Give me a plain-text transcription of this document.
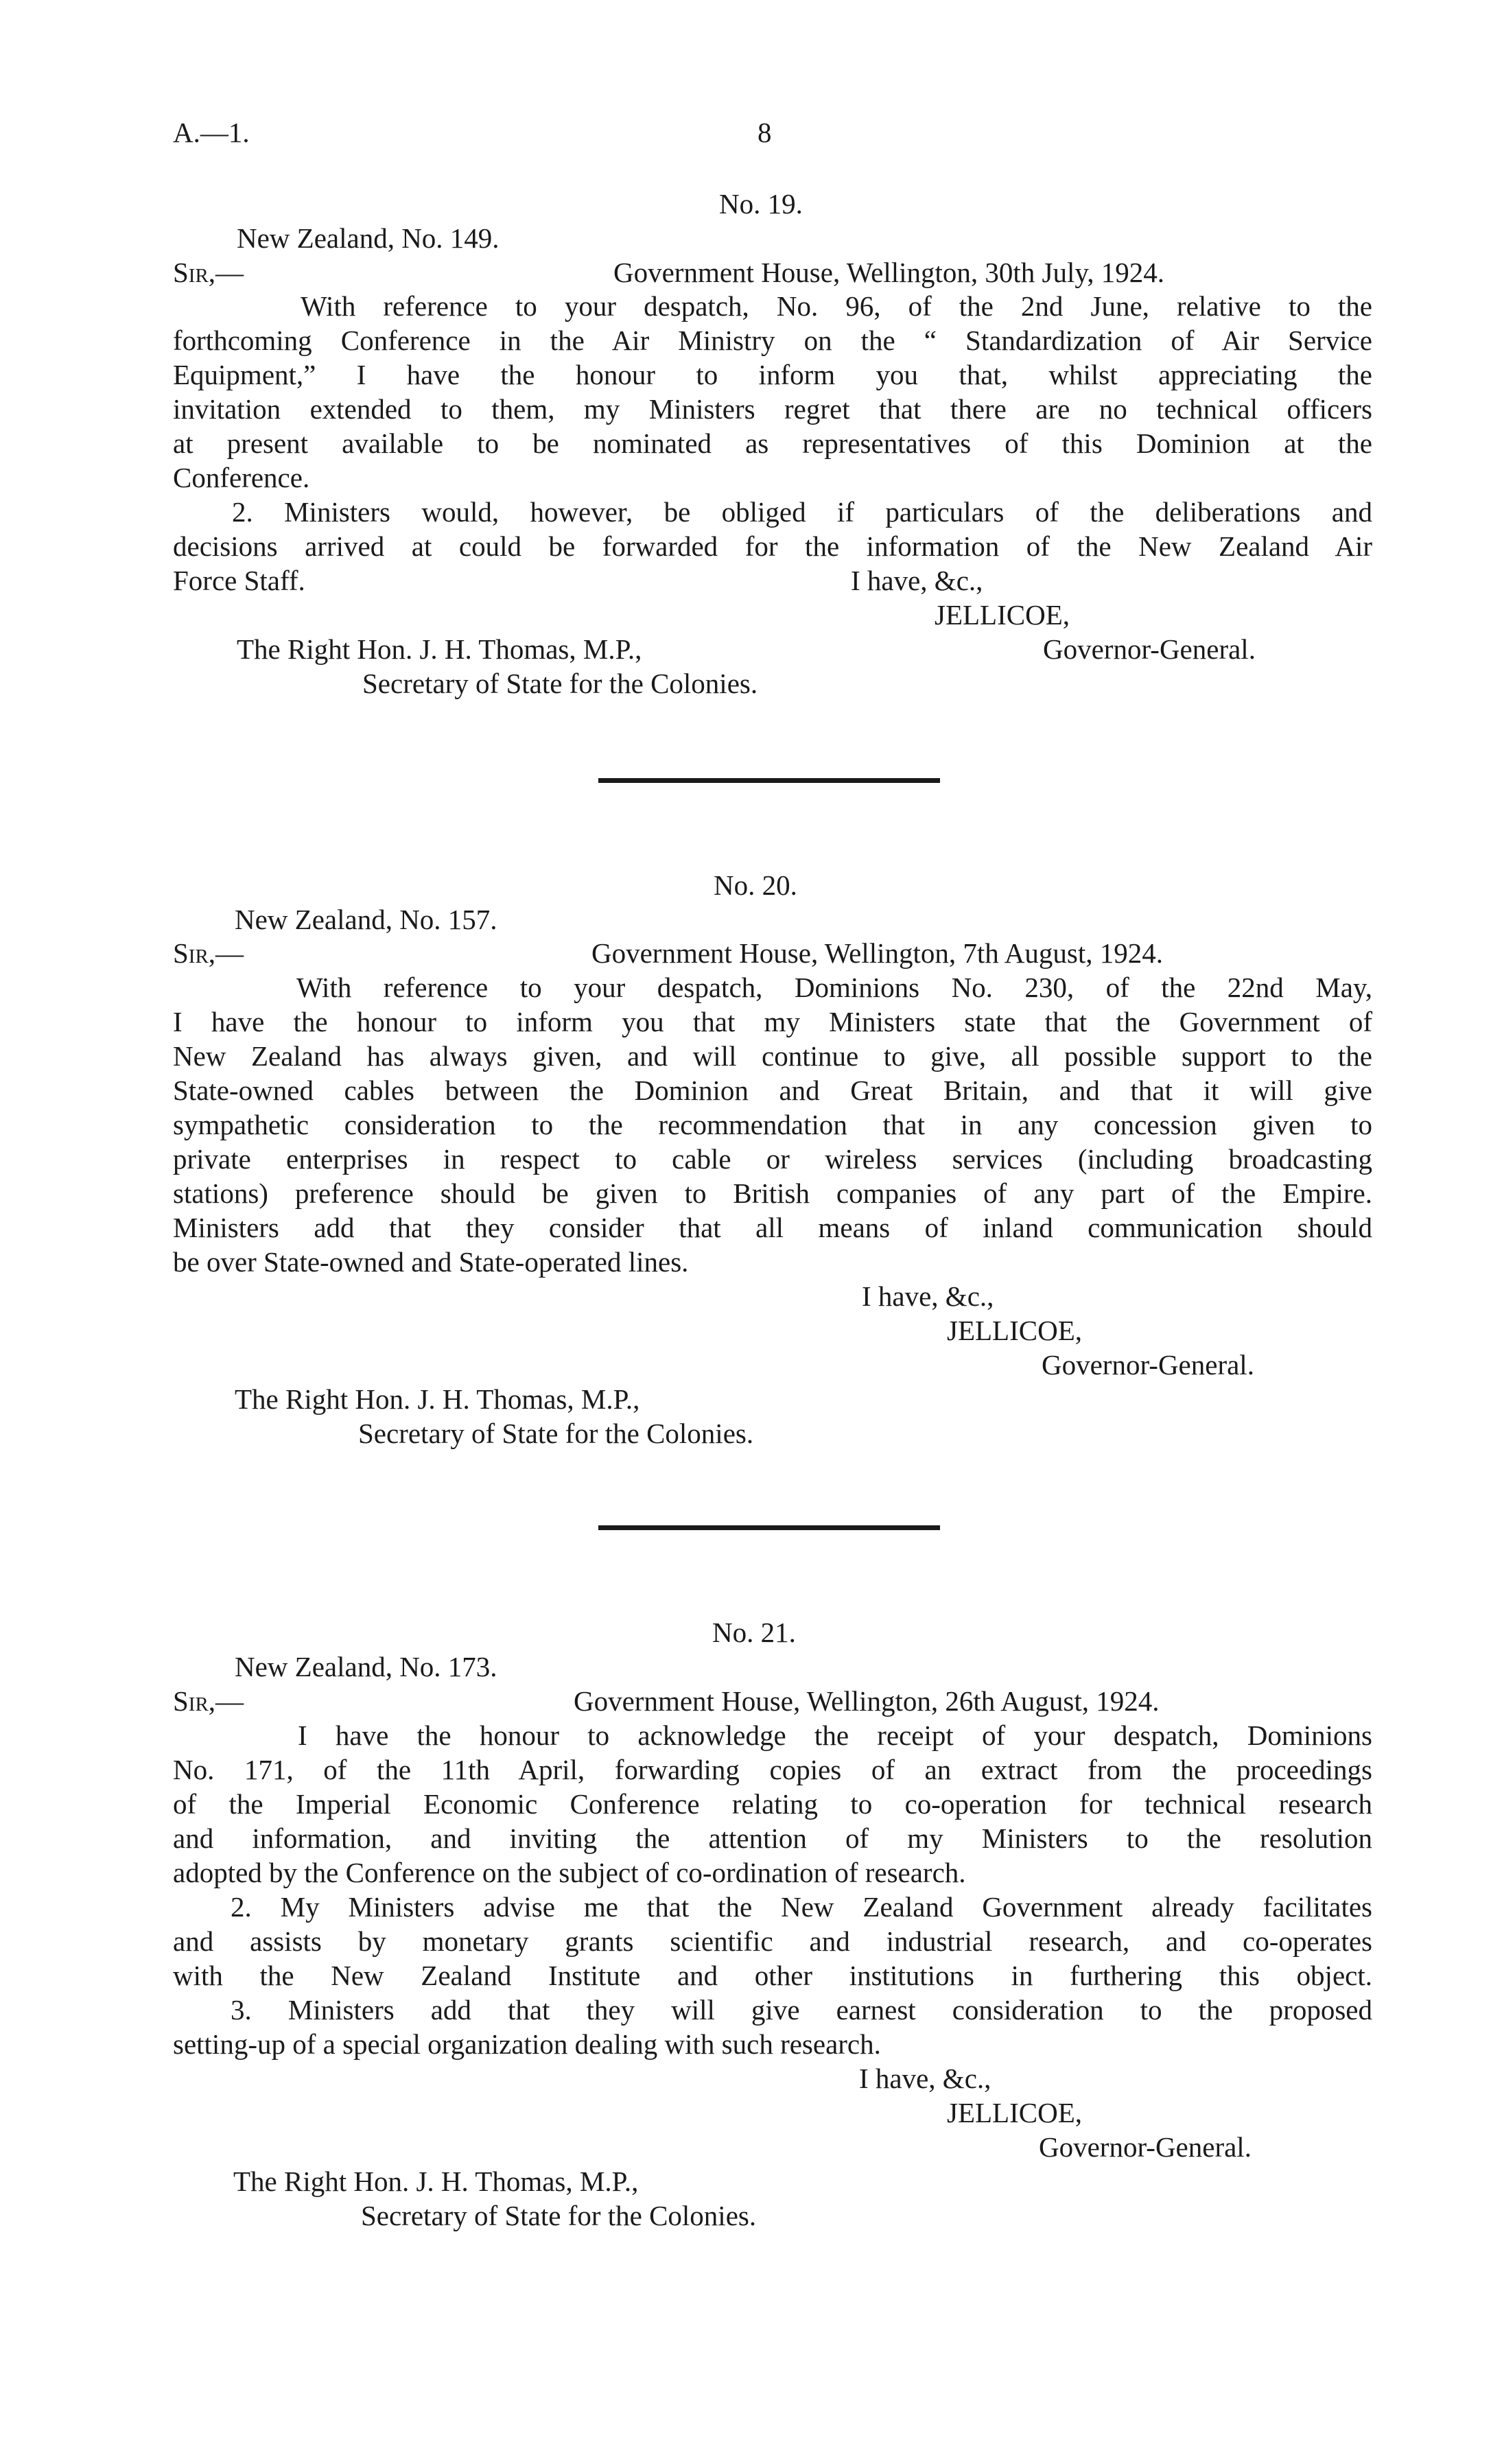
A.—1.	8
No. 19.
New Zealand, No. 149.
Sir,—	Government House, Wellington, 30th July, 1924.
With reference to your despatch, No. 96, of the 2nd June, relative to the
forthcoming Conference in the Air Ministry on the “ Standardization of Air Service
Equipment,” I have the honour to inform you that, whilst appreciating the
invitation extended to them, my Ministers regret that there are no technical officers
at present available to be nominated as representatives of this Dominion at the
Conference.
2. Ministers would, however, be obliged if particulars of the deliberations and
decisions arrived at could be forwarded for the information of the New Zealand Air
Force Staff.	I have, &c.,
JELLICOE,
The Right Hon. J. H. Thomas, M.P.,	Governor-General.
Secretary of State for the Colonies.
No. 20.
New Zealand, No. 157.
Sir,—	Government House, Wellington, 7th August, 1924.
With reference to your despatch, Dominions No. 230, of the 22nd May,
I have the honour to inform you that my Ministers state that the Government of
New Zealand has always given, and will continue to give, all possible support to the
State-owned cables between the Dominion and Great Britain, and that it will give
sympathetic consideration to the recommendation that in any concession given to
private enterprises in respect to cable or wireless services (including broadcasting
stations) preference should be given to British companies of any part of the Empire.
Ministers add that they consider that all means of inland communication should
be over State-owned and State-operated lines.
I have, &c.,
JELLICOE,
Governor-General.
The Right Hon. J. H. Thomas, M.P.,
Secretary of State for the Colonies.
No. 21.
New Zealand, No. 173.
Sir,—	Government House, Wellington, 26th August, 1924.
I have the honour to acknowledge the receipt of your despatch, Dominions
No. 171, of the 11th April, forwarding copies of an extract from the proceedings
of the Imperial Economic Conference relating to co-operation for technical research
and information, and inviting the attention of my Ministers to the resolution
adopted by the Conference on the subject of co-ordination of research.
2. My Ministers advise me that the New Zealand Government already facilitates
and assists by monetary grants scientific and industrial research, and co-operates
with the New Zealand Institute and other institutions in furthering this object.
3. Ministers add that they will give earnest consideration to the proposed
setting-up of a special organization dealing with such research.
I have, &c.,
JELLICOE,
Governor-General.
The Right Hon. J. H. Thomas, M.P.,
Secretary of State for the Colonies.
